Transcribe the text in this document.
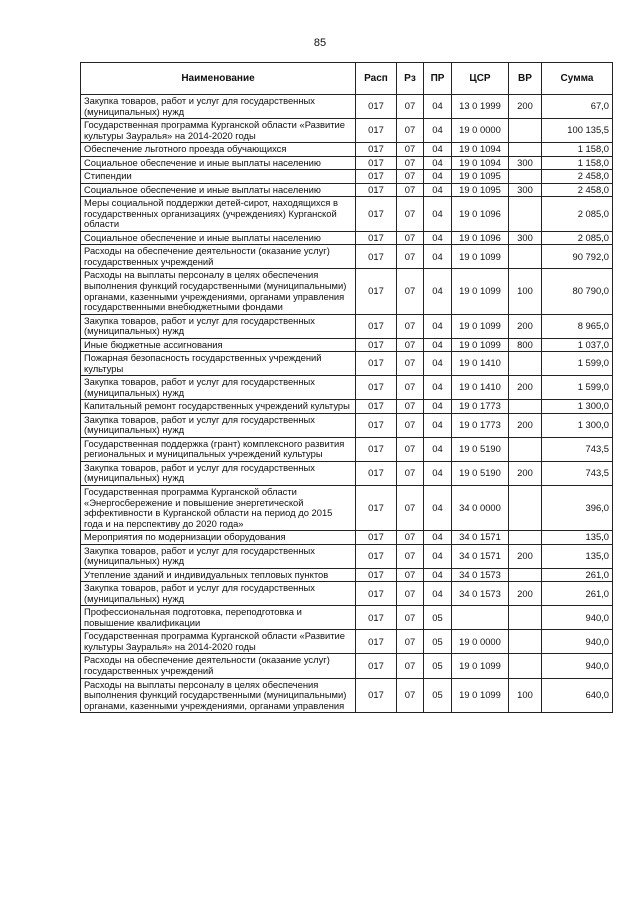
85
Наименование	Расп	Рз	ПР	ЦСР	ВР	Сумма
Закупка товаров, работ и услуг для государственных (муниципальных) нужд	017	07	04	13 0 1999	200	67,0
Государственная программа Курганской области «Развитие культуры Зауралья» на 2014-2020 годы	017	07	04	19 0 0000		100 135,5
Обеспечение льготного проезда обучающихся	017	07	04	19 0 1094		1 158,0
Социальное обеспечение и иные выплаты населению	017	07	04	19 0 1094	300	1 158,0
Стипендии	017	07	04	19 0 1095		2 458,0
Социальное обеспечение и иные выплаты населению	017	07	04	19 0 1095	300	2 458,0
Меры социальной поддержки детей-сирот, находящихся в государственных организациях (учреждениях) Курганской области	017	07	04	19 0 1096		2 085,0
Социальное обеспечение и иные выплаты населению	017	07	04	19 0 1096	300	2 085,0
Расходы на обеспечение деятельности (оказание услуг) государственных учреждений	017	07	04	19 0 1099		90 792,0
Расходы на выплаты персоналу в целях обеспечения выполнения функций государственными (муниципальными) органами, казенными учреждениями, органами управления государственными внебюджетными фондами	017	07	04	19 0 1099	100	80 790,0
Закупка товаров, работ и услуг для государственных (муниципальных) нужд	017	07	04	19 0 1099	200	8 965,0
Иные бюджетные ассигнования	017	07	04	19 0 1099	800	1 037,0
Пожарная безопасность государственных учреждений культуры	017	07	04	19 0 1410		1 599,0
Закупка товаров, работ и услуг для государственных (муниципальных) нужд	017	07	04	19 0 1410	200	1 599,0
Капитальный ремонт государственных учреждений культуры	017	07	04	19 0 1773		1 300,0
Закупка товаров, работ и услуг для государственных (муниципальных) нужд	017	07	04	19 0 1773	200	1 300,0
Государственная поддержка (грант) комплексного развития региональных и муниципальных учреждений культуры	017	07	04	19 0 5190		743,5
Закупка товаров, работ и услуг для государственных (муниципальных) нужд	017	07	04	19 0 5190	200	743,5
Государственная программа Курганской области «Энергосбережение и повышение энергетической эффективности в Курганской области на период до 2015 года и на перспективу до 2020 года»	017	07	04	34 0 0000		396,0
Мероприятия по модернизации оборудования	017	07	04	34 0 1571		135,0
Закупка товаров, работ и услуг для государственных (муниципальных) нужд	017	07	04	34 0 1571	200	135,0
Утепление зданий и индивидуальных тепловых пунктов	017	07	04	34 0 1573		261,0
Закупка товаров, работ и услуг для государственных (муниципальных) нужд	017	07	04	34 0 1573	200	261,0
Профессиональная подготовка, переподготовка и повышение квалификации	017	07	05			940,0
Государственная программа Курганской области «Развитие культуры Зауралья» на 2014-2020 годы	017	07	05	19 0 0000		940,0
Расходы на обеспечение деятельности (оказание услуг) государственных учреждений	017	07	05	19 0 1099		940,0
Расходы на выплаты персоналу в целях обеспечения выполнения функций государственными (муниципальными) органами, казенными учреждениями, органами управления	017	07	05	19 0 1099	100	640,0
